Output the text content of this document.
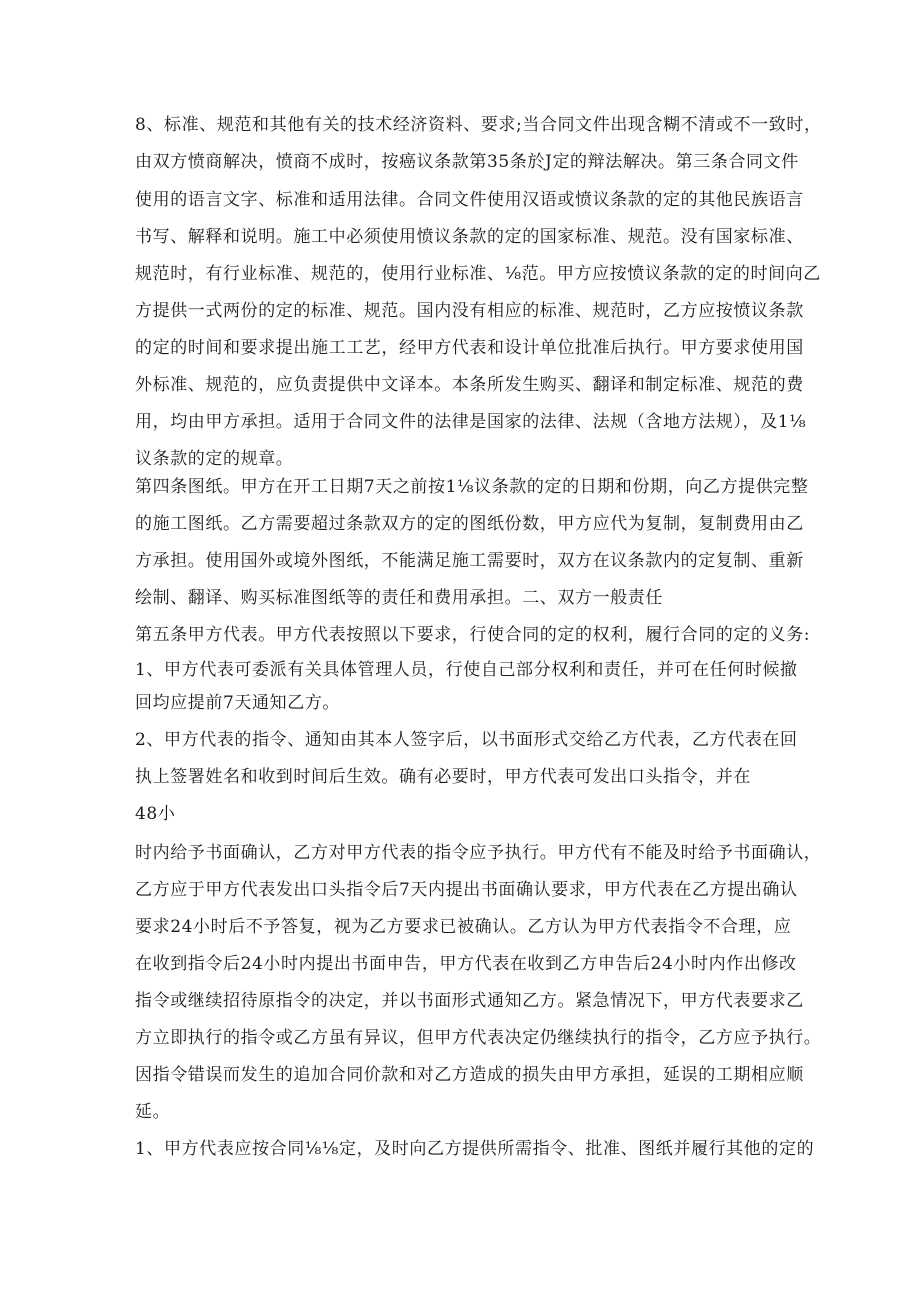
8、标准、规范和其他有关的技术经济资料、要求;当合同文件出现含糊不清或不一致时，
由双方愤商解决，愤商不成时，按癌议条款第35条於J定的辩法解决。第三条合同文件
使用的语言文字、标准和适用法律。合同文件使用汉语或愤议条款的定的其他民族语言
书写、解释和说明。施工中必须使用愤议条款的定的国家标准、规范。没有国家标准、
规范时，有行业标准、规范的，使用行业标准、⅛范。甲方应按愤议条款的定的时间向乙
方提供一式两份的定的标准、规范。国内没有相应的标准、规范时，乙方应按愤议条款
的定的时间和要求提出施工工艺，经甲方代表和设计单位批准后执行。甲方要求使用国
外标准、规范的，应负责提供中文译本。本条所发生购买、翻译和制定标准、规范的费
用，均由甲方承担。适用于合同文件的法律是国家的法律、法规（含地方法规），及1⅛
议条款的定的规章。
第四条图纸。甲方在开工日期7天之前按1⅛议条款的定的日期和份期，向乙方提供完整
的施工图纸。乙方需要超过条款双方的定的图纸份数，甲方应代为复制，复制费用由乙
方承担。使用国外或境外图纸，不能满足施工需要时，双方在议条款内的定复制、重新
绘制、翻译、购买标准图纸等的责任和费用承担。二、双方一般责任
第五条甲方代表。甲方代表按照以下要求，行使合同的定的权利，履行合同的定的义务:
1、甲方代表可委派有关具体管理人员，行使自己部分权利和责任，并可在任何时候撤
回均应提前7天通知乙方。
2、甲方代表的指令、通知由其本人签字后，以书面形式交给乙方代表，乙方代表在回
执上签署姓名和收到时间后生效。确有必要时，甲方代表可发出口头指令，并在
48小
时内给予书面确认，乙方对甲方代表的指令应予执行。甲方代有不能及时给予书面确认，
乙方应于甲方代表发出口头指令后7天内提出书面确认要求，甲方代表在乙方提出确认
要求24小时后不予答复，视为乙方要求已被确认。乙方认为甲方代表指令不合理，应
在收到指令后24小时内提出书面申告，甲方代表在收到乙方申告后24小时内作出修改
指令或继续招待原指令的决定，并以书面形式通知乙方。紧急情况下，甲方代表要求乙
方立即执行的指令或乙方虽有异议，但甲方代表决定仍继续执行的指令，乙方应予执行。
因指令错误而发生的追加合同价款和对乙方造成的损失由甲方承担，延误的工期相应顺
延。
1、甲方代表应按合同⅛⅛定，及时向乙方提供所需指令、批准、图纸并履行其他的定的
